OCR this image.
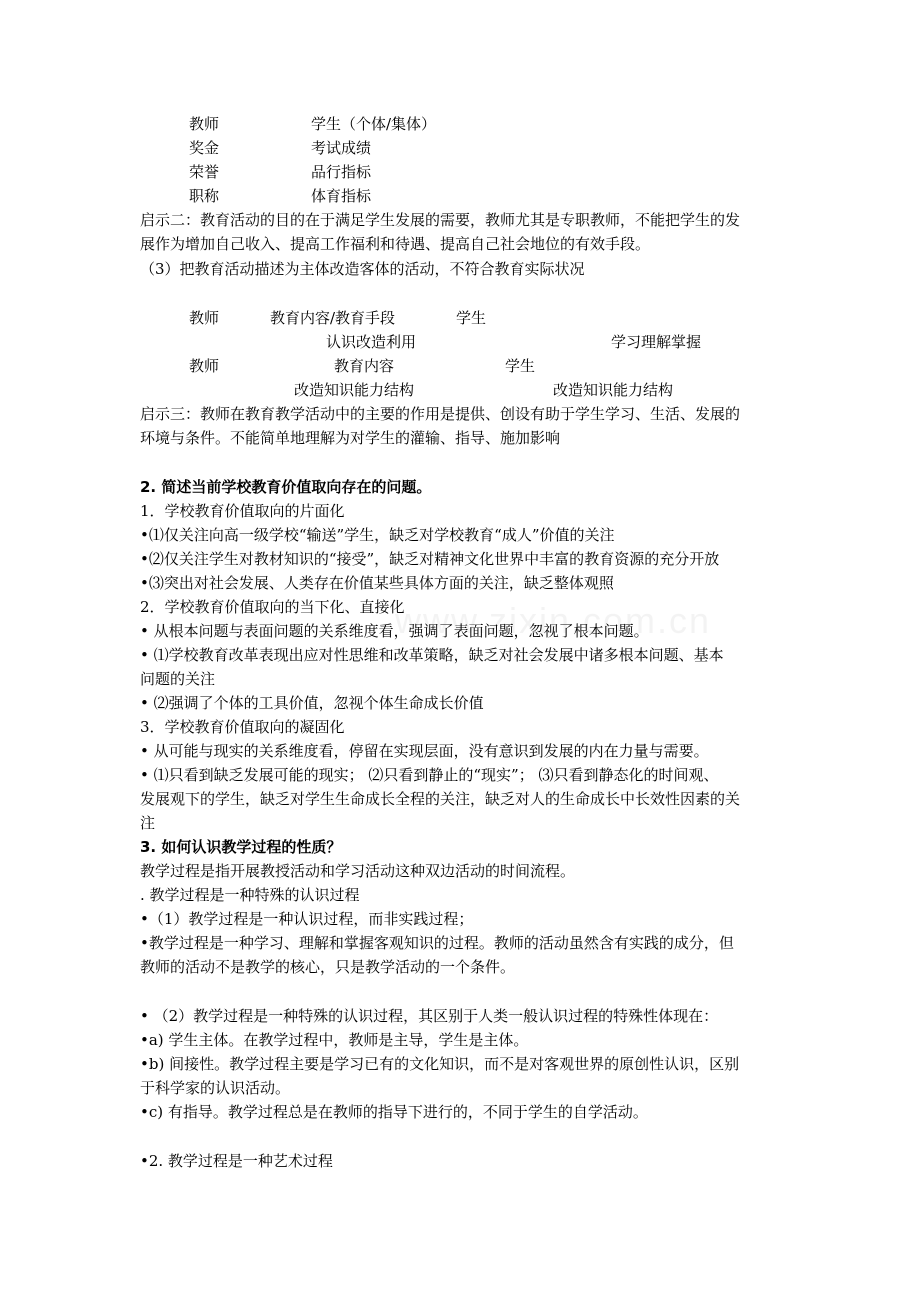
教师	学生（个体/集体）
奖金	考试成绩
荣誉	品行指标
职称	体育指标
启示二：教育活动的目的在于满足学生发展的需要，教师尤其是专职教师，不能把学生的发
展作为增加自己收入、提高工作福利和待遇、提高自己社会地位的有效手段。
（3）把教育活动描述为主体改造客体的活动，不符合教育实际状况
教师	教育内容/教育手段	学生
认识改造利用	学习理解掌握
教师	教育内容	学生
改造知识能力结构	改造知识能力结构
启示三：教师在教育教学活动中的主要的作用是提供、创设有助于学生学习、生活、发展的
环境与条件。不能简单地理解为对学生的灌输、指导、施加影响
2. 简述当前学校教育价值取向存在的问题。
1．学校教育价值取向的片面化
•⑴仅关注向高一级学校“输送”学生，缺乏对学校教育“成人”价值的关注
•⑵仅关注学生对教材知识的“接受”，缺乏对精神文化世界中丰富的教育资源的充分开放
•⑶突出对社会发展、人类存在价值某些具体方面的关注，缺乏整体观照
2．学校教育价值取向的当下化、直接化
• 从根本问题与表面问题的关系维度看，强调了表面问题，忽视了根本问题。
• ⑴学校教育改革表现出应对性思维和改革策略，缺乏对社会发展中诸多根本问题、基本
问题的关注
• ⑵强调了个体的工具价值，忽视个体生命成长价值
3．学校教育价值取向的凝固化
• 从可能与现实的关系维度看，停留在实现层面，没有意识到发展的内在力量与需要。
• ⑴只看到缺乏发展可能的现实； ⑵只看到静止的“现实”； ⑶只看到静态化的时间观、
发展观下的学生，缺乏对学生生命成长全程的关注，缺乏对人的生命成长中长效性因素的关
注
3. 如何认识教学过程的性质？
教学过程是指开展教授活动和学习活动这种双边活动的时间流程。
. 教学过程是一种特殊的认识过程
•（1）教学过程是一种认识过程，而非实践过程；
•教学过程是一种学习、理解和掌握客观知识的过程。教师的活动虽然含有实践的成分，但
教师的活动不是教学的核心，只是教学活动的一个条件。
• （2）教学过程是一种特殊的认识过程，其区别于人类一般认识过程的特殊性体现在：
•a) 学生主体。在教学过程中，教师是主导，学生是主体。
•b) 间接性。教学过程主要是学习已有的文化知识，而不是对客观世界的原创性认识，区别
于科学家的认识活动。
•c) 有指导。教学过程总是在教师的指导下进行的，不同于学生的自学活动。
•2. 教学过程是一种艺术过程
